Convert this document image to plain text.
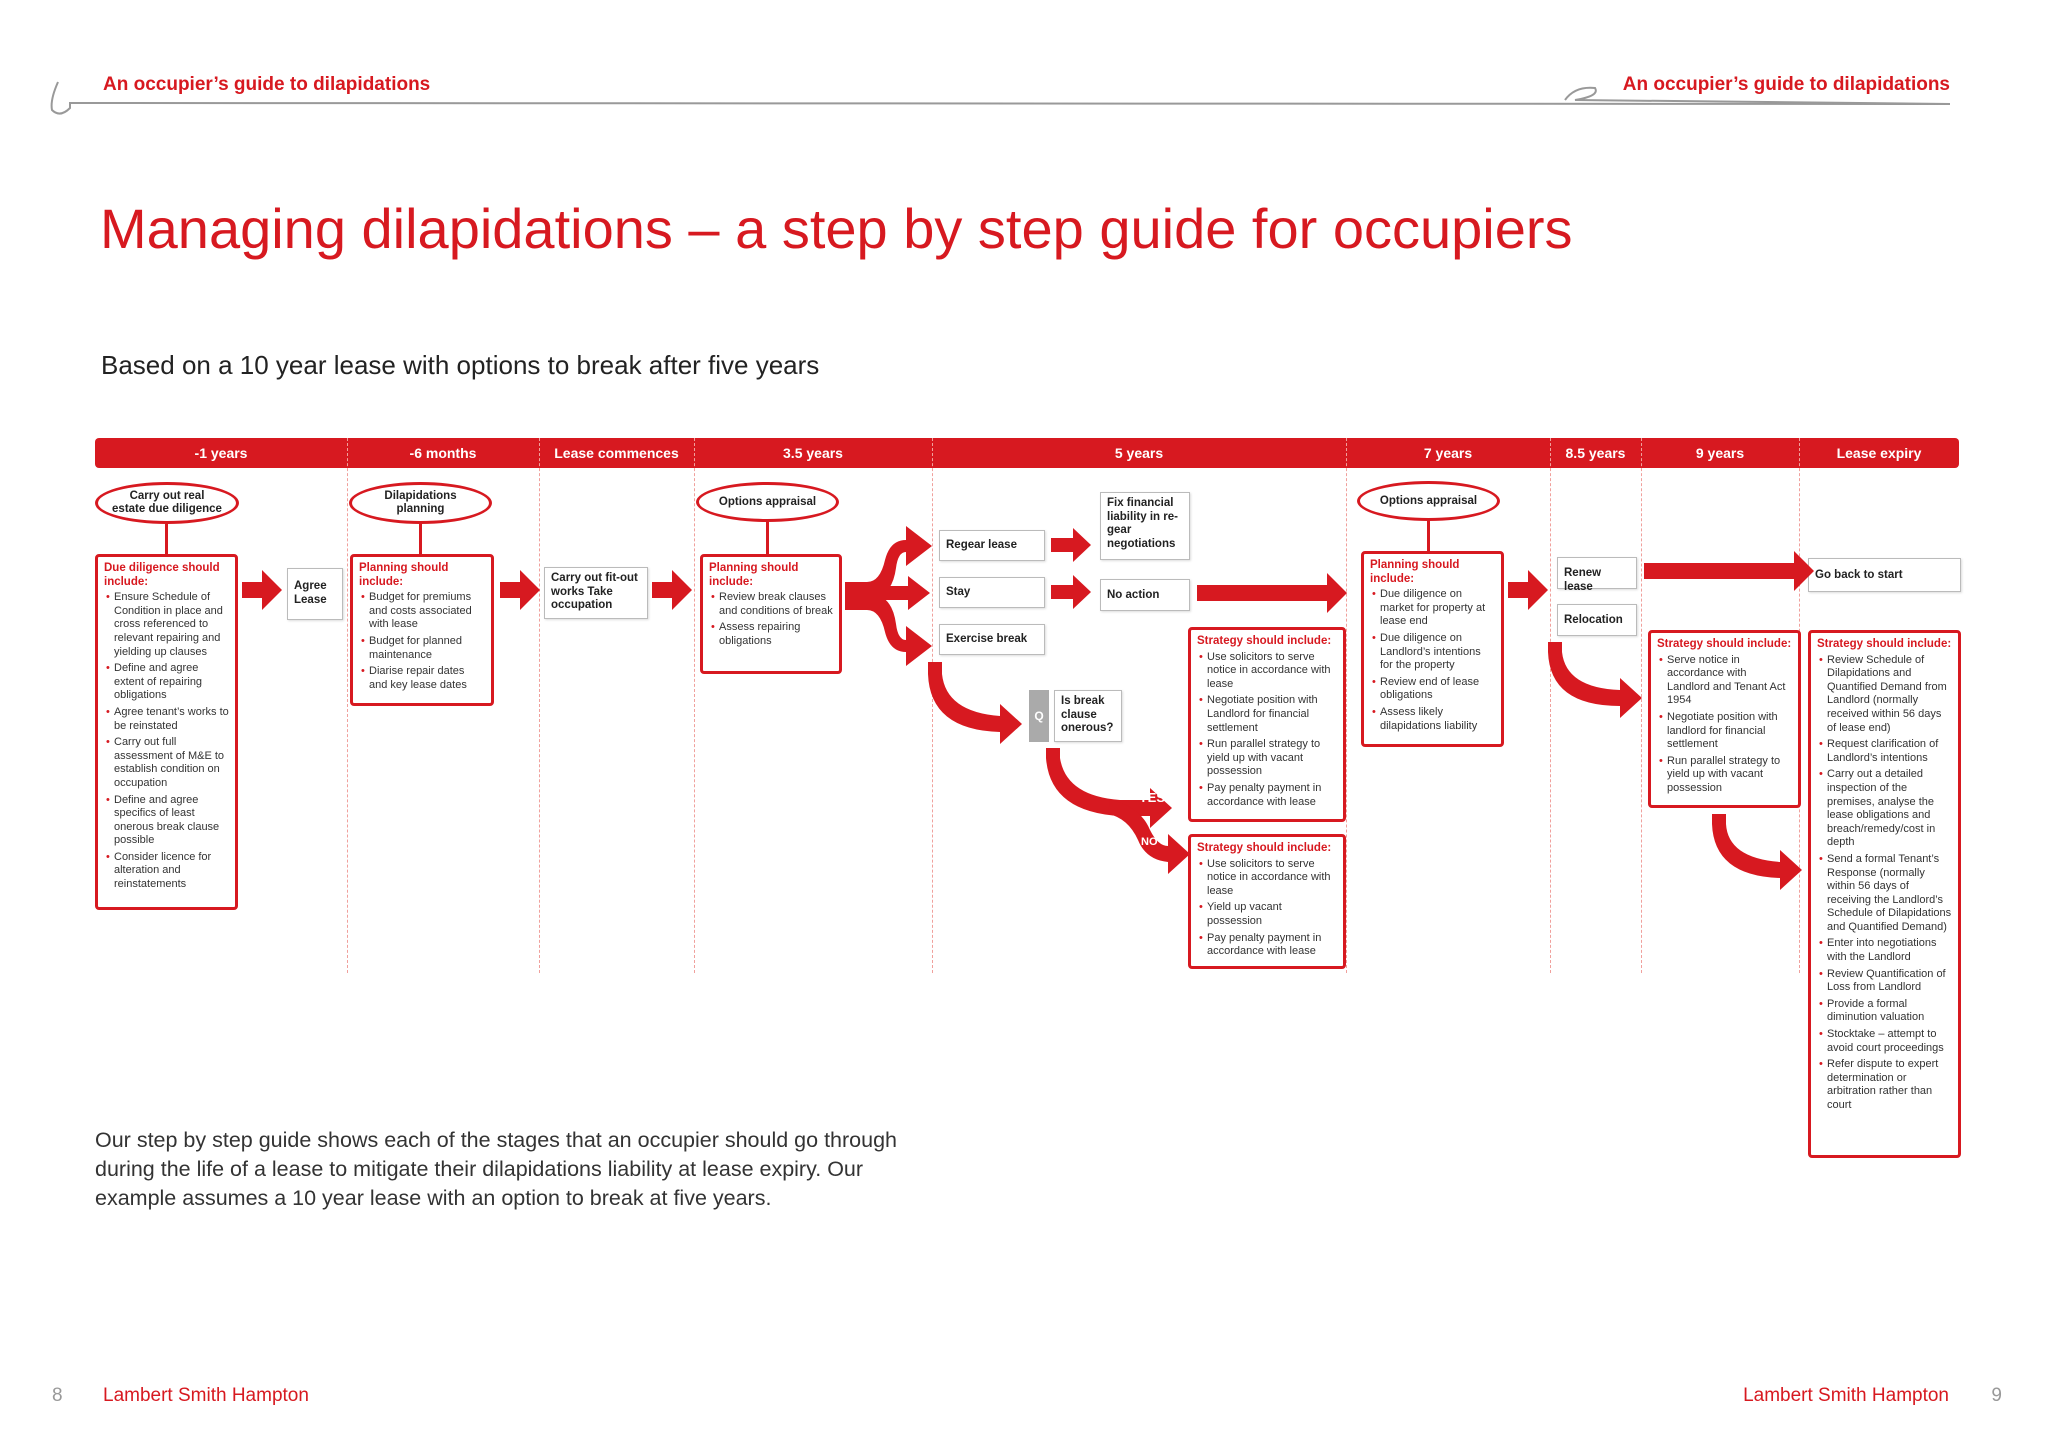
An occupier’s guide to dilapidations	An occupier’s guide to dilapidations
Managing dilapidations – a step by step guide for occupiers
Based on a 10 year lease with options to break after five years
-1 years	-6 months	Lease commences	3.5 years	5 years	7 years	8.5 years	9 years	Lease expiry
Carry out real estate due diligence
Dilapidations planning
Options appraisal	Options appraisal
Due diligence should include:
• Ensure Schedule of Condition in place and cross referenced to relevant repairing and yielding up clauses
• Define and agree extent of repairing obligations
• Agree tenant’s works to be reinstated
• Carry out full assessment of M&E to establish condition on occupation
• Define and agree specifics of least onerous break clause possible
• Consider licence for alteration and reinstatements
Planning should include:
• Budget for premiums and costs associated with lease
• Budget for planned maintenance
• Diarise repair dates and key lease dates
Planning should include:
• Review break clauses and conditions of break
• Assess repairing obligations
Planning should include:
• Due diligence on market for property at lease end
• Due diligence on Landlord’s intentions for the property
• Review end of lease obligations
• Assess likely dilapidations liability
Strategy should include:
• Use solicitors to serve notice in accordance with lease
• Negotiate position with Landlord for financial settlement
• Run parallel strategy to yield up with vacant possession
• Pay penalty payment in accordance with lease
Strategy should include:
• Use solicitors to serve notice in accordance with lease
• Yield up vacant possession
• Pay penalty payment in accordance with lease
Strategy should include:
• Serve notice in accordance with Landlord and Tenant Act 1954
• Negotiate position with landlord for financial settlement
• Run parallel strategy to yield up with vacant possession
Strategy should include:
• Review Schedule of Dilapidations and Quantified Demand from Landlord (normally received within 56 days of lease end)
• Request clarification of Landlord’s intentions
• Carry out a detailed inspection of the premises, analyse the lease obligations and breach/remedy/cost in depth
• Send a formal Tenant’s Response (normally within 56 days of receiving the Landlord’s Schedule of Dilapidations and Quantified Demand)
• Enter into negotiations with the Landlord
• Review Quantification of Loss from Landlord
• Provide a formal diminution valuation
• Stocktake – attempt to avoid court proceedings
• Refer dispute to expert determination or arbitration rather than court
Agree Lease
Carry out fit-out works Take occupation
Regear lease
Stay
Exercise break
Fix financial liability in re-gear negotiations
No action
Q
Is break clause onerous?
Renew lease
Relocation
Go back to start
YES
NO
Our step by step guide shows each of the stages that an occupier should go through during the life of a lease to mitigate their dilapidations liability at lease expiry. Our example assumes a 10 year lease with an option to break at five years.
8 Lambert Smith Hampton	Lambert Smith Hampton 9
